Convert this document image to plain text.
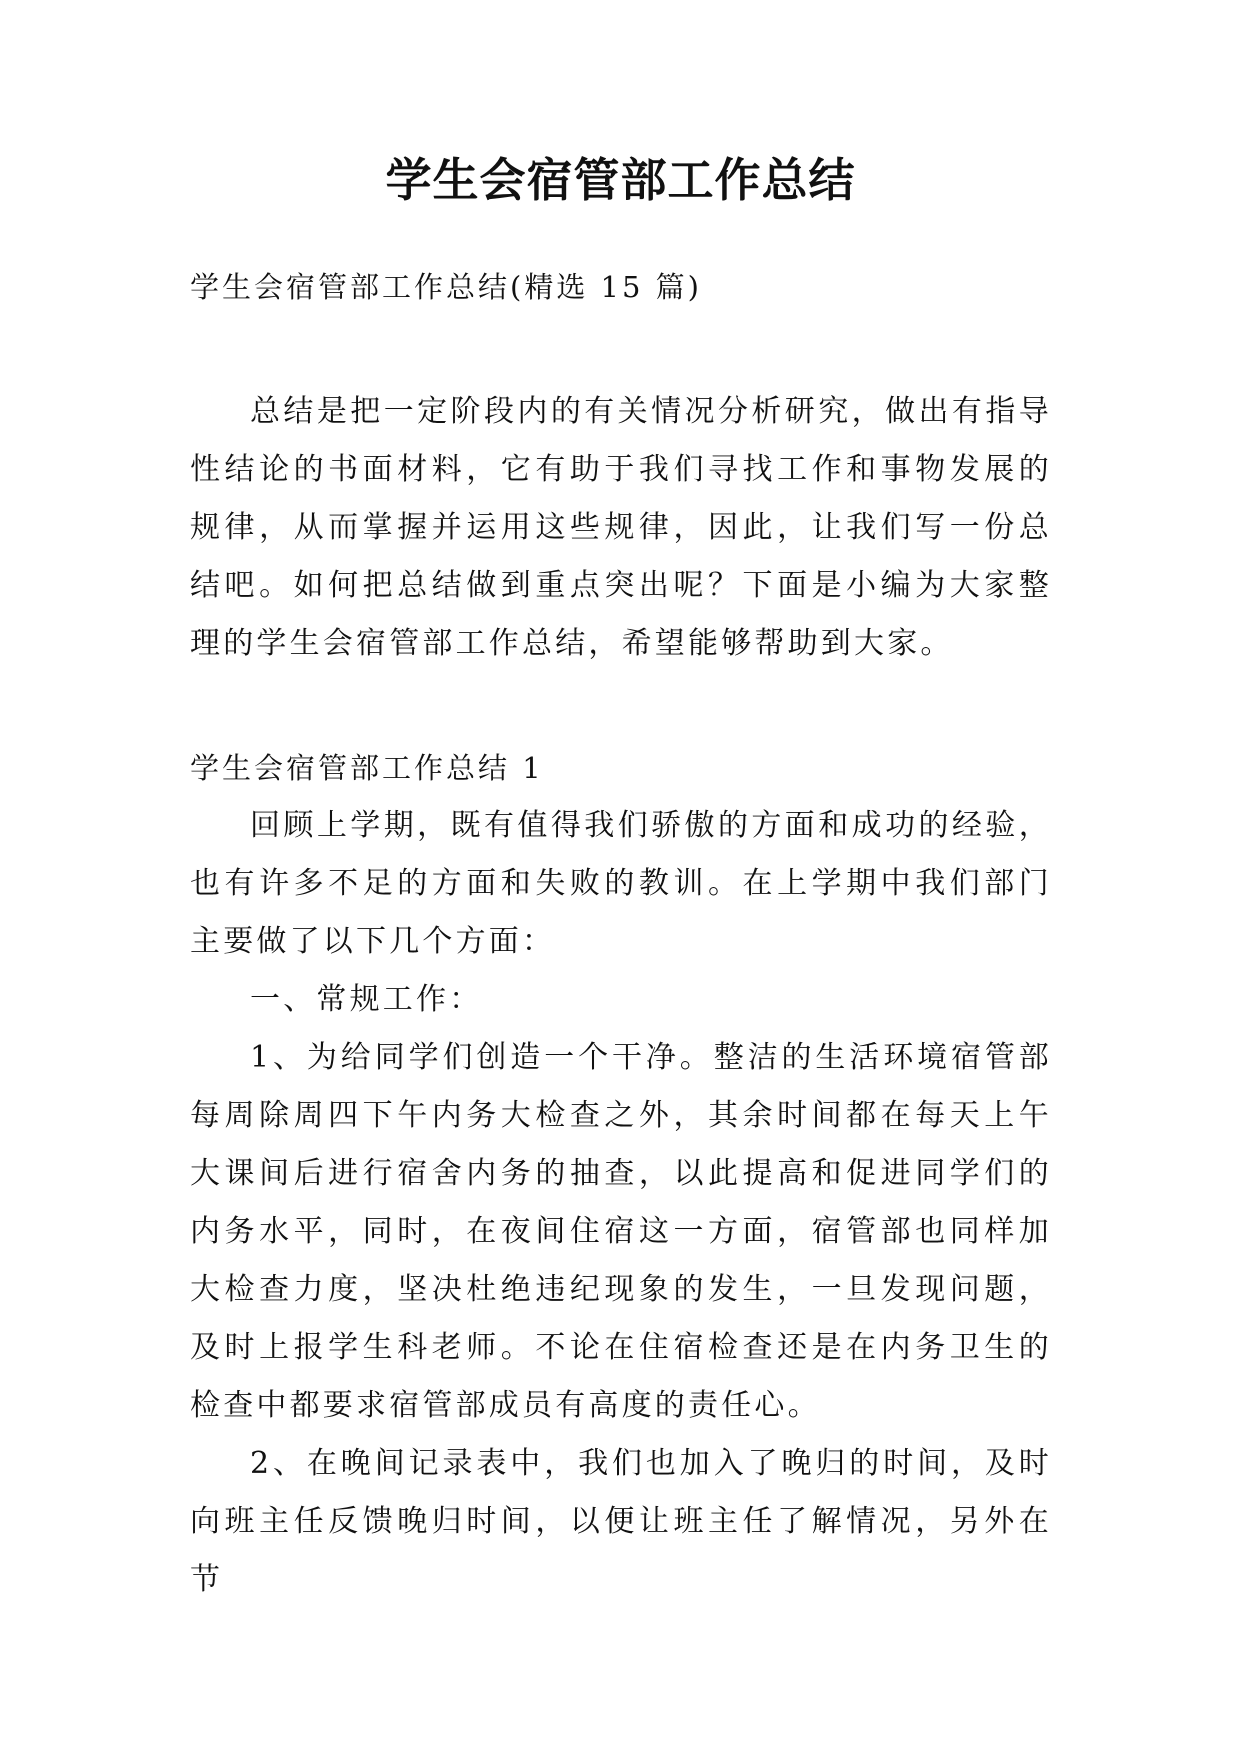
学生会宿管部工作总结

学生会宿管部工作总结(精选 15 篇)

总结是把一定阶段内的有关情况分析研究，做出有指导性结论的书面材料，它有助于我们寻找工作和事物发展的规律，从而掌握并运用这些规律，因此，让我们写一份总结吧。如何把总结做到重点突出呢？下面是小编为大家整理的学生会宿管部工作总结，希望能够帮助到大家。

学生会宿管部工作总结 1

回顾上学期，既有值得我们骄傲的方面和成功的经验，也有许多不足的方面和失败的教训。在上学期中我们部门主要做了以下几个方面：

一、常规工作：

1、为给同学们创造一个干净。整洁的生活环境宿管部每周除周四下午内务大检查之外，其余时间都在每天上午大课间后进行宿舍内务的抽查，以此提高和促进同学们的内务水平，同时，在夜间住宿这一方面，宿管部也同样加大检查力度，坚决杜绝违纪现象的发生，一旦发现问题，及时上报学生科老师。不论在住宿检查还是在内务卫生的检查中都要求宿管部成员有高度的责任心。

2、在晚间记录表中，我们也加入了晚归的时间，及时向班主任反馈晚归时间，以便让班主任了解情况，另外在节
